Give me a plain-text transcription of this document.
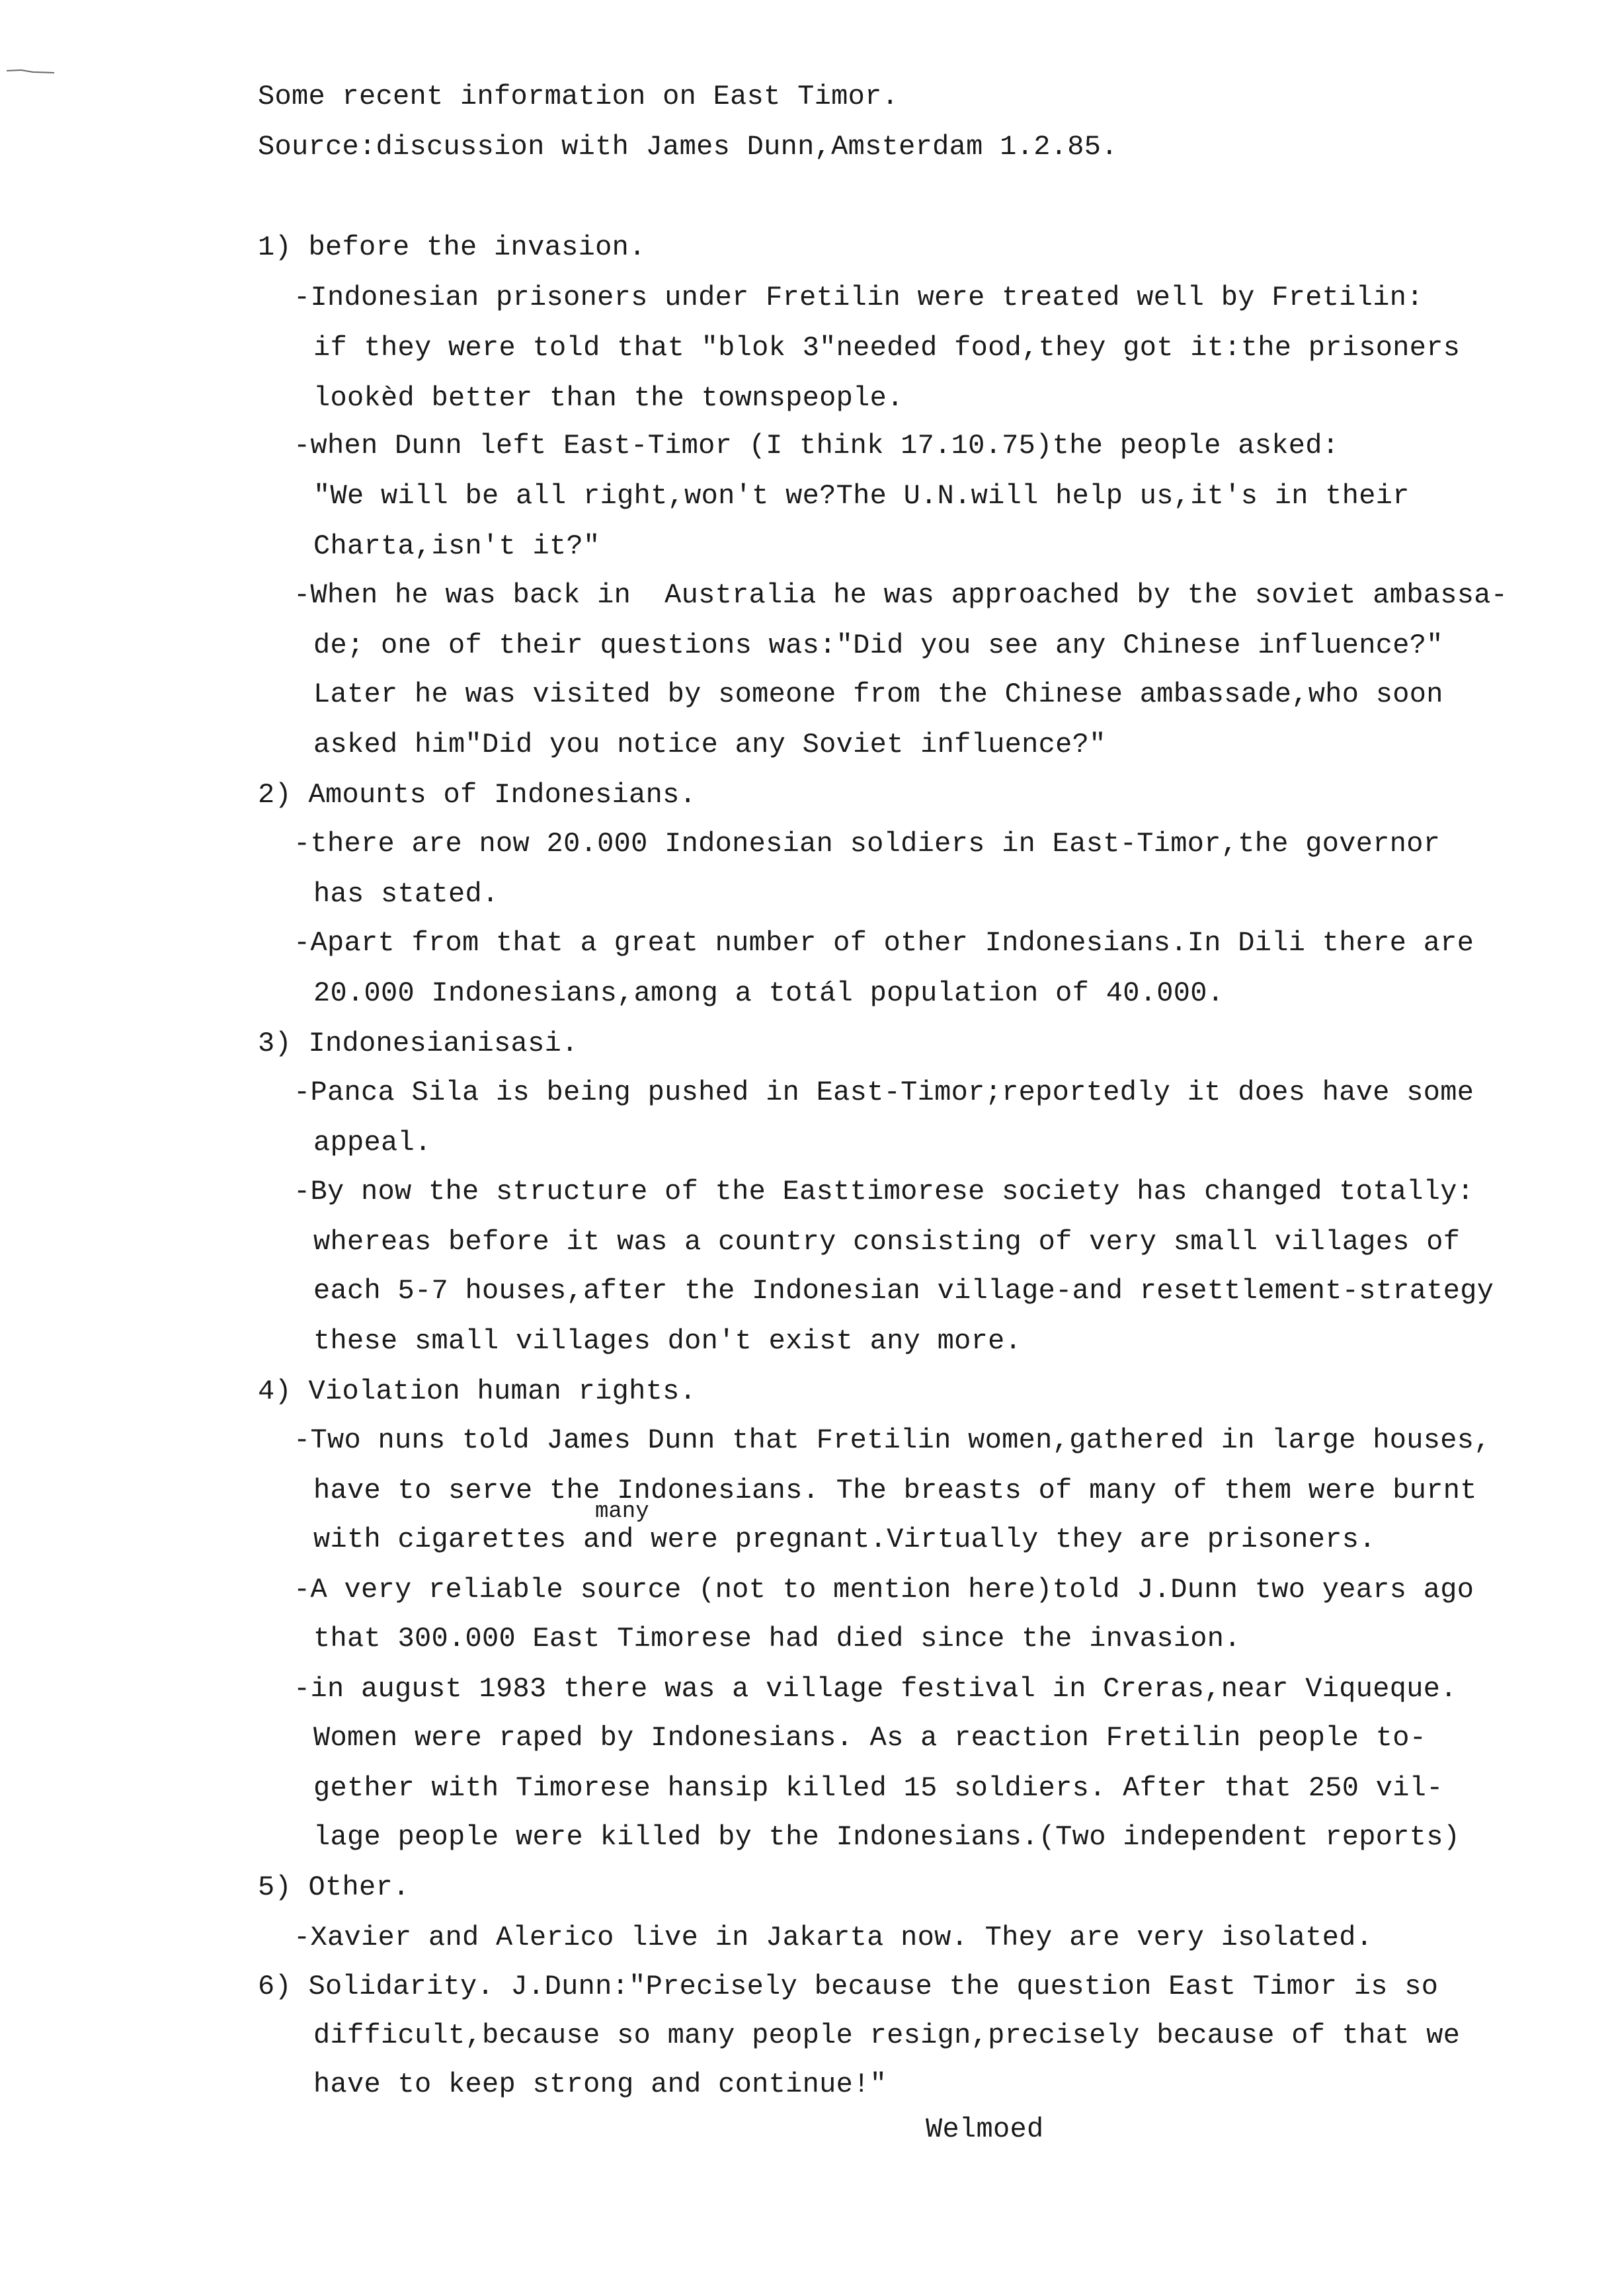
Some recent information on East Timor.
Source:discussion with James Dunn,Amsterdam 1.2.85.
1) before the invasion.
-Indonesian prisoners under Fretilin were treated well by Fretilin:
if they were told that "blok 3"needed food,they got it:the prisoners
lookèd better than the townspeople.
-when Dunn left East-Timor (I think 17.10.75)the people asked:
"We will be all right,won't we?The U.N.will help us,it's in their
Charta,isn't it?"
-When he was back in  Australia he was approached by the soviet ambassa-
de; one of their questions was:"Did you see any Chinese influence?"
Later he was visited by someone from the Chinese ambassade,who soon
asked him"Did you notice any Soviet influence?"
2) Amounts of Indonesians.
-there are now 20.000 Indonesian soldiers in East-Timor,the governor
has stated.
-Apart from that a great number of other Indonesians.In Dili there are
20.000 Indonesians,among a totál population of 40.000.
3) Indonesianisasi.
-Panca Sila is being pushed in East-Timor;reportedly it does have some
appeal.
-By now the structure of the Easttimorese society has changed totally:
whereas before it was a country consisting of very small villages of
each 5-7 houses,after the Indonesian village-and resettlement-strategy
these small villages don't exist any more.
4) Violation human rights.
-Two nuns told James Dunn that Fretilin women,gathered in large houses,
have to serve the Indonesians. The breasts of many of them were burnt
many
with cigarettes and were pregnant.Virtually they are prisoners.
-A very reliable source (not to mention here)told J.Dunn two years ago
that 300.000 East Timorese had died since the invasion.
-in august 1983 there was a village festival in Creras,near Viqueque.
Women were raped by Indonesians. As a reaction Fretilin people to-
gether with Timorese hansip killed 15 soldiers. After that 250 vil-
lage people were killed by the Indonesians.(Two independent reports)
5) Other.
-Xavier and Alerico live in Jakarta now. They are very isolated.
6) Solidarity. J.Dunn:"Precisely because the question East Timor is so
difficult,because so many people resign,precisely because of that we
have to keep strong and continue!"
Welmoed
